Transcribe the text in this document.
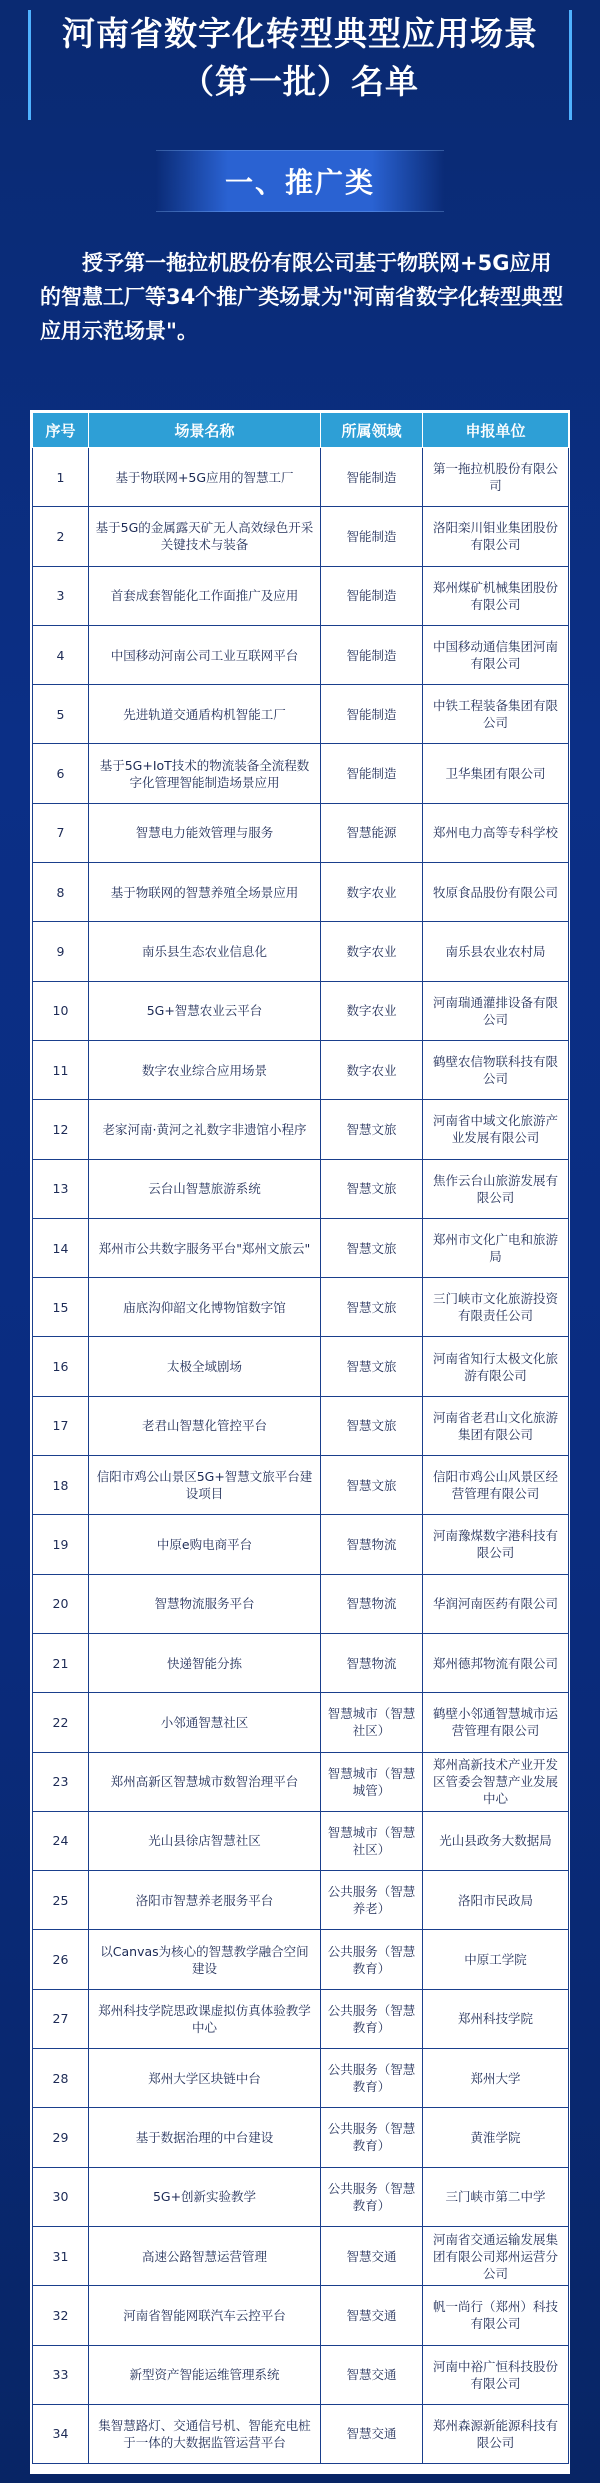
河南省数字化转型典型应用场景
（第一批）名单
一、推广类

授予第一拖拉机股份有限公司基于物联网+5G应用的智慧工厂等34个推广类场景为"河南省数字化转型典型应用示范场景"。

序号	场景名称	所属领域	申报单位
1	基于物联网+5G应用的智慧工厂	智能制造	第一拖拉机股份有限公司
2	基于5G的金属露天矿无人高效绿色开采关键技术与装备	智能制造	洛阳栾川钼业集团股份有限公司
3	首套成套智能化工作面推广及应用	智能制造	郑州煤矿机械集团股份有限公司
4	中国移动河南公司工业互联网平台	智能制造	中国移动通信集团河南有限公司
5	先进轨道交通盾构机智能工厂	智能制造	中铁工程装备集团有限公司
6	基于5G+IoT技术的物流装备全流程数字化管理智能制造场景应用	智能制造	卫华集团有限公司
7	智慧电力能效管理与服务	智慧能源	郑州电力高等专科学校
8	基于物联网的智慧养殖全场景应用	数字农业	牧原食品股份有限公司
9	南乐县生态农业信息化	数字农业	南乐县农业农村局
10	5G+智慧农业云平台	数字农业	河南瑞通灌排设备有限公司
11	数字农业综合应用场景	数字农业	鹤壁农信物联科技有限公司
12	老家河南·黄河之礼数字非遗馆小程序	智慧文旅	河南省中域文化旅游产业发展有限公司
13	云台山智慧旅游系统	智慧文旅	焦作云台山旅游发展有限公司
14	郑州市公共数字服务平台"郑州文旅云"	智慧文旅	郑州市文化广电和旅游局
15	庙底沟仰韶文化博物馆数字馆	智慧文旅	三门峡市文化旅游投资有限责任公司
16	太极全域剧场	智慧文旅	河南省知行太极文化旅游有限公司
17	老君山智慧化管控平台	智慧文旅	河南省老君山文化旅游集团有限公司
18	信阳市鸡公山景区5G+智慧文旅平台建设项目	智慧文旅	信阳市鸡公山风景区经营管理有限公司
19	中原e购电商平台	智慧物流	河南豫煤数字港科技有限公司
20	智慧物流服务平台	智慧物流	华润河南医药有限公司
21	快递智能分拣	智慧物流	郑州德邦物流有限公司
22	小邻通智慧社区	智慧城市（智慧社区）	鹤壁小邻通智慧城市运营管理有限公司
23	郑州高新区智慧城市数智治理平台	智慧城市（智慧城管）	郑州高新技术产业开发区管委会智慧产业发展中心
24	光山县徐店智慧社区	智慧城市（智慧社区）	光山县政务大数据局
25	洛阳市智慧养老服务平台	公共服务（智慧养老）	洛阳市民政局
26	以Canvas为核心的智慧教学融合空间建设	公共服务（智慧教育）	中原工学院
27	郑州科技学院思政课虚拟仿真体验教学中心	公共服务（智慧教育）	郑州科技学院
28	郑州大学区块链中台	公共服务（智慧教育）	郑州大学
29	基于数据治理的中台建设	公共服务（智慧教育）	黄淮学院
30	5G+创新实验教学	公共服务（智慧教育）	三门峡市第二中学
31	高速公路智慧运营管理	智慧交通	河南省交通运输发展集团有限公司郑州运营分公司
32	河南省智能网联汽车云控平台	智慧交通	帆一尚行（郑州）科技有限公司
33	新型资产智能运维管理系统	智慧交通	河南中裕广恒科技股份有限公司
34	集智慧路灯、交通信号机、智能充电桩于一体的大数据监管运营平台	智慧交通	郑州森源新能源科技有限公司
